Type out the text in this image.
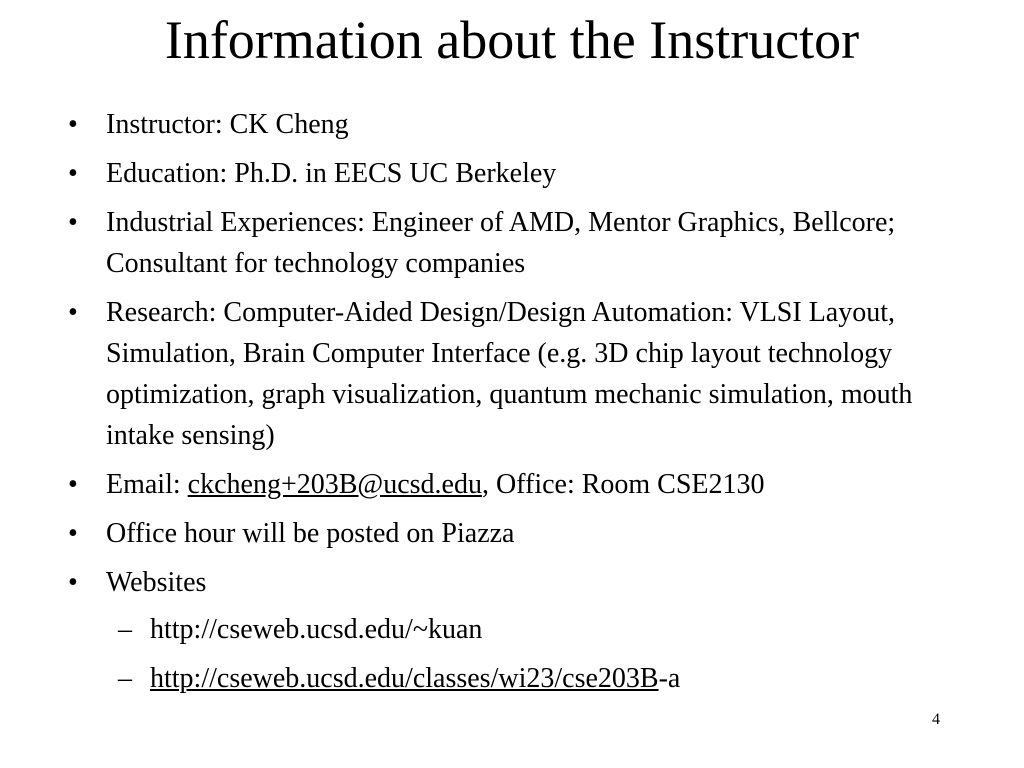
Information about the Instructor
• Instructor: CK Cheng
• Education: Ph.D. in EECS UC Berkeley
• Industrial Experiences: Engineer of AMD, Mentor Graphics, Bellcore; Consultant for technology companies
• Research: Computer-Aided Design/Design Automation: VLSI Layout, Simulation, Brain Computer Interface (e.g. 3D chip layout technology optimization, graph visualization, quantum mechanic simulation, mouth intake sensing)
• Email: ckcheng+203B@ucsd.edu, Office: Room CSE2130
• Office hour will be posted on Piazza
• Websites
– http://cseweb.ucsd.edu/~kuan
– http://cseweb.ucsd.edu/classes/wi23/cse203B-a
4
